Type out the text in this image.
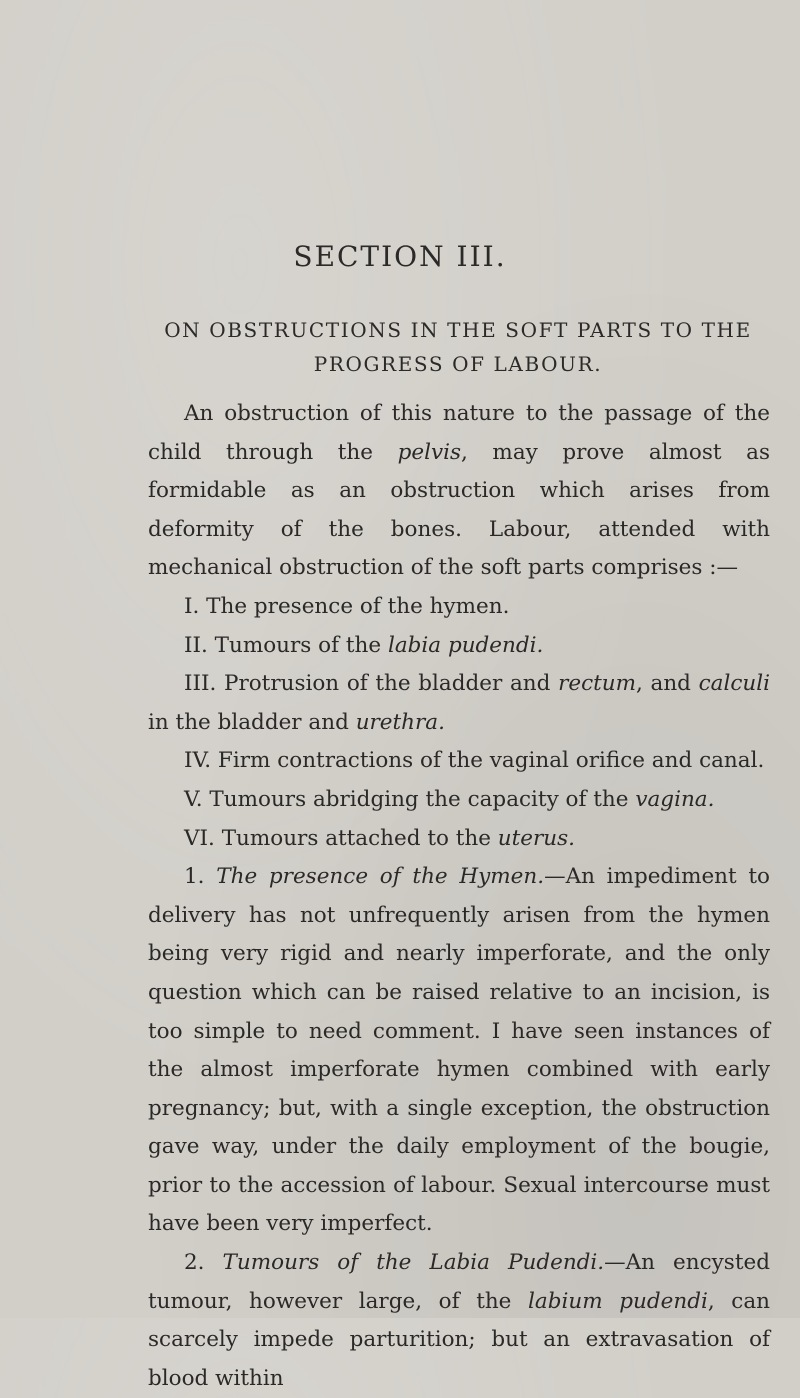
SECTION III.
ON OBSTRUCTIONS IN THE SOFT PARTS TO THE PROGRESS OF LABOUR.

An obstruction of this nature to the passage of the child through the pelvis, may prove almost as formidable as an obstruction which arises from deformity of the bones. Labour, attended with mechanical obstruction of the soft parts comprises :—

I. The presence of the hymen.

II. Tumours of the labia pudendi.

III. Protrusion of the bladder and rectum, and calculi in the bladder and urethra.

IV. Firm contractions of the vaginal orifice and canal.

V. Tumours abridging the capacity of the vagina.

VI. Tumours attached to the uterus.

1. The presence of the Hymen.—An impediment to delivery has not unfrequently arisen from the hymen being very rigid and nearly imperforate, and the only question which can be raised relative to an incision, is too simple to need comment. I have seen instances of the almost imperforate hymen combined with early pregnancy; but, with a single exception, the obstruction gave way, under the daily employment of the bougie, prior to the accession of labour. Sexual intercourse must have been very imperfect.

2. Tumours of the Labia Pudendi.—An encysted tumour, however large, of the labium pudendi, can scarcely impede parturition; but an extravasation of blood within
